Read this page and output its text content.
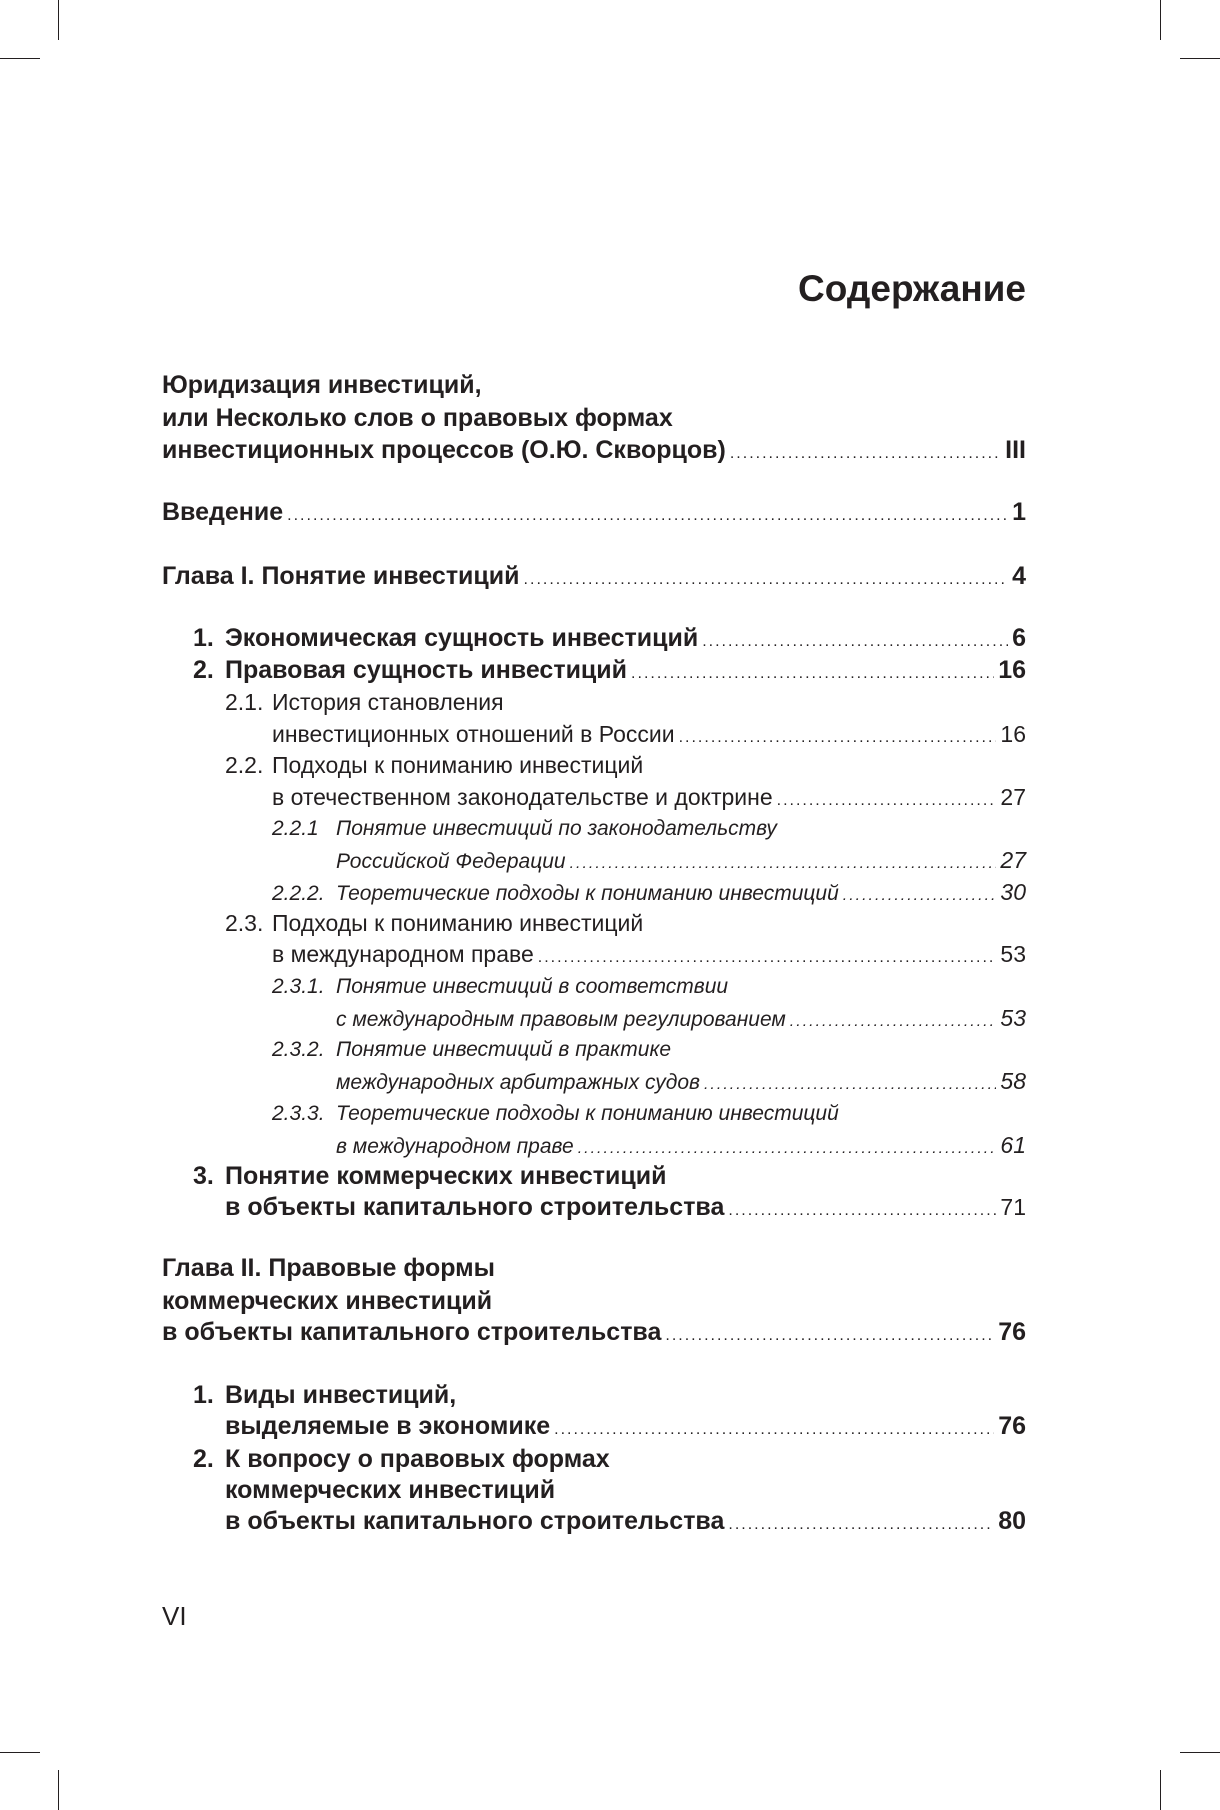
Содержание
Юридизация инвестиций,
или Несколько слов о правовых формах
инвестиционных процессов (О.Ю. Скворцов) .....	III
Введение .....	1
Глава I. Понятие инвестиций .....	4
1. Экономическая сущность инвестиций .....	6
2. Правовая сущность инвестиций .....	16
2.1. История становления
инвестиционных отношений в России .....	16
2.2. Подходы к пониманию инвестиций
в отечественном законодательстве и доктрине .....	27
2.2.1 Понятие инвестиций по законодательству
Российской Федерации .....	27
2.2.2. Теоретические подходы к пониманию инвестиций .....	30
2.3. Подходы к пониманию инвестиций
в международном праве .....	53
2.3.1. Понятие инвестиций в соответствии
с международным правовым регулированием .....	53
2.3.2. Понятие инвестиций в практике
международных арбитражных судов .....	58
2.3.3. Теоретические подходы к пониманию инвестиций
в международном праве .....	61
3. Понятие коммерческих инвестиций
в объекты капитального строительства .....	71
Глава II. Правовые формы
коммерческих инвестиций
в объекты капитального строительства .....	76
1. Виды инвестиций,
выделяемые в экономике .....	76
2. К вопросу о правовых формах
коммерческих инвестиций
в объекты капитального строительства .....	80
VI
